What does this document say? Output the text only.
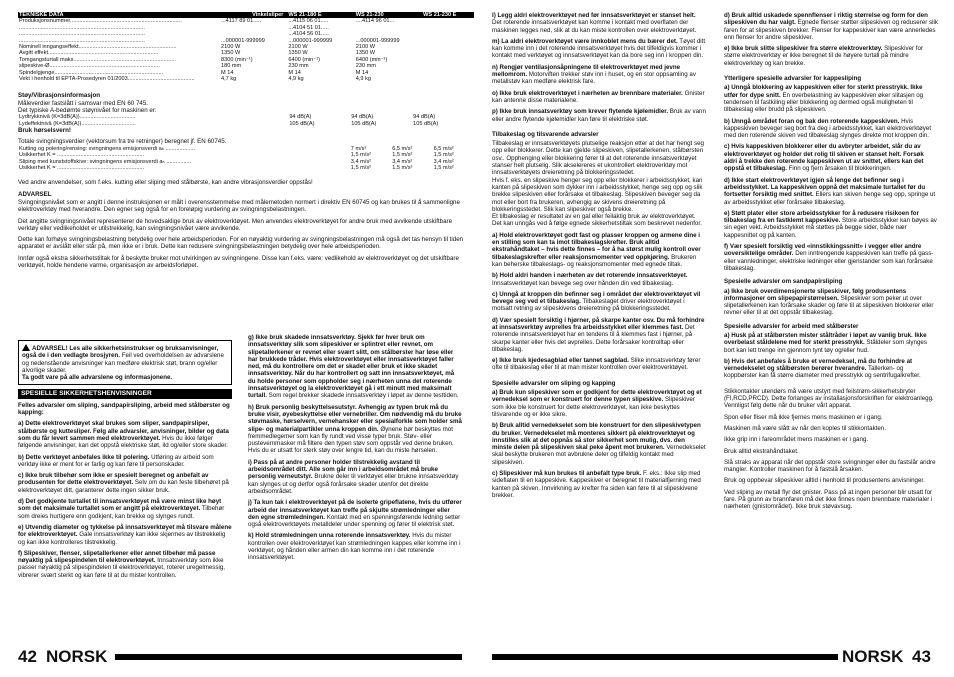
TEKNISKE DATA	Vinkelsliper	WS 21-180 E	WS 21-230	WS 21-230 E
Produksjonsnummer........................................................................	...4117 89 01.....	...4115 06 01.....	....4114 96 01...	
.................................................................................		...4104 51 01.....		
.................................................................................		...4104 56 01.....		
.................................................................................	...000001-999999	...000001-999999	...000001-999999	
Nominell inngangseffekt...............................................................	2100 W	2100 W	2100 W	
Avgitt effekt.......................................................................	1350 W	1350 W	1350 W	
Tomgangsturtall maks..................................................................	8300 (min⁻¹)	6400 (min⁻¹)	6400 (min⁻¹)	
slipeskive-Ø.......................................................................	180 mm	230 mm	230 mm	
Spindelgjenge......................................................................	M 14	M 14	M 14	
Vekt i henhold til EPTA-Prosedyren 01/2003...........................................	4,7 kg	4,9 kg	4,9 kg	

Støy/Vibrasjonsinformasjon

Måleverdier fastslått i samsvar med EN 60 745.

Det typiske A-bedømte støynivået for maskinen er:

Lydtrykknivå (K=3dB(A))....................................	94 dB(A)	94 dB(A)	94 dB(A)
Lydeffektnivå (K=3dB(A))...................................	105 dB(A)	105 dB(A)	105 dB(A)

Bruk hørselsvern!

Totale svingningsverdier (vektorsum fra tre retninger) beregnet jf. EN 60745.

Kutting og polering/rensing: svingningens emisjonsverdi aₕ ...................	7 m/s²	6,5 m/s²	6,5 m/s²
Usikkerhet K = ........................................................	1,5 m/s²	1,5 m/s²	1,5 m/s²
Sliping med kunststoffskive: svingningens emisjonsverdi aₕ ................	3,4 m/s²	3,4 m/s²	3,4 m/s²
Usikkerhet K = ........................................................	1,5 m/s²	1,5 m/s²	1,5 m/s²

Ved andre anvendelser, som f.eks. kutting eller sliping med stålbørste, kan andre vibrasjonsverdier oppstås!

ADVARSEL

Svingningsnivået som er angitt i denne instruksjonen er målt i overensstemmelse med målemetoden normert i direktiv EN 60745 og kan brukes til å sammenligne elektroverktøy med hverandre. Den egner seg også for en foreløpig vurdering av svingningsbelastningen.

Det angitte svingningsnivået representerer de hovedsaklige bruk av elektroverktøyet. Men anvendes elektroverktøyet for andre bruk med avvikende utskiftbare verktøy eller vedlikeholdet er utilstrekkelig, kan svingningsnivået være avvikende.

Dette kan forhøye svingningsbelastning betydelig over hele arbeidsperioden. For en nøyaktig vurdering av svingningsbelastningen må også det tas hensyn til tiden apparatet er avslått eller står på, men ikke er i bruk. Dette kan redusere svingningsbelastningen betydelig over hele arbeidsperioden.

Innfør også ekstra sikkerhetstiltak for å beskytte bruker mot utvirkingen av svingningene. Disse kan f.eks. være: vedlikehold av elektroverktøyet og det utskiftbare verktøyet, holde hendene varme, organisasjon av arbeidsforløpet.

ADVARSEL! Les alle sikkerhetsinstrukser og bruksanvisninger, også de i den vedlagte brosjyren. Feil ved overholdelsen av advarslene og nedenstående anvisninger kan medføre elektrisk støt, brann og/eller alvorlige skader.
Ta godt vare på alle advarslene og informasjonene.
SPESIELLE SIKKERHETSHENVISNINGER

Felles advarsler om sliping, sandpapirsliping, arbeid med stålbørster og kapping:

a) Dette elektroverktøyet skal brukes som sliper, sandpapirsliper, stålbørste og kuttesliper. Følg alle advarsler, anvisninger, bilder og data som du får levert sammen med elektroverktøyet. Hvis du ikke følger følgende anvisninger, kan det oppstå elektriske støt, ild og/eller store skader.

b) Dette verktøyet anbefales ikke til polering. Utføring av arbeid som verktøy ikke er ment for er farlig og kan føre til personskader.

c) Ikke bruk tilbehør som ikke er spesielt beregnet og anbefalt av produsenten for dette elektroverktøyet. Selv om du kan feste tilbehøret på elektroverktøyet ditt, garanterer dette ingen sikker bruk.

d) Det godkjente turtallet til innsatsverktøyet må være minst like høyt som det maksimale turtallet som er angitt på elektroverktøyet. Tilbehør som dreies hurtigere enn godkjent, kan brekke og slynges rundt.

e) Utvendig diameter og tykkelse på innsatsverktøyet må tilsvare målene for elektroverktøyet. Gale innsatsverktøy kan ikke skjermes av tilstrekkelig og kan ikke kontrolleres tilstrekkelig.

f) Slipeskiver, flenser, slipetallerkener eller annet tilbehør må passe nøyaktig på slipespindelen til elektroverktøyet. Innsatsverktøy som ikke passer nøyaktig på slipespindelen til elektroverktøyet, roterer uregelmessig, vibrerer svært sterkt og kan føre til at du mister kontrollen.

g) Ikke bruk skadede innsatsverktøy. Sjekk før hver bruk om innsatsverktøy slik som slipeskiver er splintret eller revnet, om slipetallerkener er revnet eller svært slitt, om stålbørster har løse eller har brukkede tråder. Hvis elektroverktøyet eller innsatsverktøyet faller ned, må du kontrollere om det er skadet eller bruk et ikke skadet innsatsverktøy. Når du har kontrollert og satt inn innsatsverktøyet, må du holde personer som oppholder seg i nærheten unna det roterende innsatsverktøyet og la elektroverktøyet gå i ett minutt med maksimalt turtall. Som regel brekker skadede innsatsverktøy i løpet av denne testtiden.

h) Bruk personlig beskyttelsesutstyr. Avhengig av typen bruk må du bruke visir, øyebeskyttelse eller vernebriller. Om nødvendig må du bruke støvmaske, hørselvern, vernehansker eller spesialforkle som holder små slipe- og materialpartikler unna kroppen din. Øynene bør beskyttes mot fremmedlegemer som kan fly rundt ved visse typer bruk. Støv- eller pustevernmasker må filtere den typen støv som oppstår ved denne bruken. Hvis du er utsatt for sterk støy over lengre tid, kan du miste hørselen.

i) Pass på at andre personer holder tilstrekkelig avstand til arbeidsområdet ditt. Alle som går inn i arbeidsområdet må bruke personlig verneutstyr. Brukne deler til verktøyet eller brukne innsatsverktøy kan slynges ut og derfor også forårsake skader utenfor det direkte arbeidsområdet.

j) Ta kun tak i elektroverktøyet på de isolerte gripeflatene, hvis du utfører arbeid der innsatsverktøyet kan treffe på skjulte strømledninger eller den egne strømledningen. Kontakt med en spenningsførende ledning setter også elektroverktøyets metalldeler under spenning og fører til elektrisk støt.

k) Hold strømledningen unna roterende innsatsverktøy. Hvis du mister kontrollen over elektroverktøyet kan strømledningen kappes eller komme inn i verktøyet, og hånden eller armen din kan komme inn i det roterende innsatsverktøyet.

l) Legg aldri elektroverktøyet ned før innsatsverktøyet er stanset helt. Det roterende innsatsverktøyet kan komme i kontakt med overflaten der maskinen legges ned, slik at du kan miste kontrollen over elektroverktøyet.

m) La aldri elektroverktøyet være innkoblet mens du bærer det. Tøyet ditt kan komme inn i det roterende innsatsverktøyet hvis det tilfeldigvis kommer i kontakt med verktøyet og innsatsverktøyet kan da bore seg inn i kroppen din.

n) Rengjør ventilasjonsåpningene til elektroverktøyet med jevne mellomrom. Motorviften trekker støv inn i huset, og en stor oppsamling av metallstøv kan medføre elektrisk fare.

o) Ikke bruk elektroverktøyet i nærheten av brennbare materialer. Gnister kan antenne disse materialene.

p) Ikke bruk innsatsverktøy som krever flytende kjølemidler. Bruk av vann eller andre flytende kjølemidler kan føre til elektriske støt.

Tilbakeslag og tilsvarende advarsler

Tilbakeslag er innsatsverktøyets plutselige reaksjon etter at det har hengt seg opp eller blokkerer. Dette kan gjelde slipeskiven, slipetallerkenen, stålbørsten osv.. Opphenging eller blokkering fører til at det roterende innsatsverktøyet stanser helt plutselig. Slik akselereres et ukontrollert elektroverktøy mot innsatsverktøyets dreieretning på blokkeringsstedet.

Hvis f. eks. en slipeskive henger seg opp eller blokkerer i arbeidsstykket, kan kanten på slipeskiven som dykker inn i arbeidsstykket, henge seg opp og slik brekke slipeskiven eller forårsake et tilbakeslag. Slipeskiven beveger seg da mot eller bort fra brukeren, avhengig av skivens dreieretning på blokkeringsstedet. Slik kan slipeskiver også brekke.

Et tilbakeslag er resultatet av en gal eller feilaktig bruk av elektroverktøyet. Det kan unngås ved å følge egnede sikkerhetstiltak som beskrevet nedenfor.

a) Hold elektroverktøyet godt fast og plasser kroppen og armene dine i en stilling som kan ta imot tilbakeslagskrefter. Bruk alltid ekstrahåndtaket – hvis dette finnes – for å ha størst mulig kontroll over tilbakeslagskrefter eller reaksjonsmomenter ved oppkjøring. Brukeren kan beherske tilbakeslags- og reaksjonsmomenter med egnede tiltak.

b) Hold aldri handen i nærheten av det roterende innsatsverktøyet. Innsatsverktøyet kan bevege seg over hånden din ved tilbakeslag.

c) Unngå at kroppen din befinner seg i området der elektroverktøyet vil bevege seg ved et tilbakeslag. Tilbakeslaget driver elektroverktøyet i motsatt retning av slipeskivens dreieretning på blokkeringsstedet.

d) Vær spesielt forsiktig i hjørner, på skarpe kanter osv. Du må forhindre at innsatsverktøy avprelles fra arbeidsstykket eller klemmes fast. Det roterende innsatsverktøyet har en tendens til å klemmes fast i hjørner, på skarpe kanter eller hvis det avprelles. Dette forårsaker kontrolltap eller tilbakeslag.

e) Ikke bruk kjedesagblad eller tannet sagblad. Slike innsatsverktøy fører ofte til tilbakeslag eller til at man mister kontrollen over elektroverktøyet.

Spesielle advarsler om sliping og kapping

a) Bruk kun slipeskiver som er godkjent for dette elektroverktøyet og et vernedeksel som er konstruert for denne typen slipeskive. Slipeskiver som ikke ble konstruert for dette elektroverktøyet, kan ikke beskyttes tilsvarende og er ikke sikre.

b) Bruk alltid vernedekselet som ble konstruert for den slipeskivetypen du bruker. Vernedekselet må monteres sikkert på elektroverktøyet og innstilles slik at det oppnås så stor sikkerhet som mulig, dvs. den minste delen på slipeskiven skal peke åpent mot brukeren. Vernedekselet skal beskytte brukeren mot avbrukne deler og tilfeldig kontakt med slipeskiven.

c) Slipeskiver må kun brukes til anbefalt type bruk. F. eks.: Ikke slip med sideflaten til en kappeskive. Kappeskiver er beregnet til materialfjerning med kanten på skiven. Innvirkning av krefter fra siden kan føre til at slipeskivene brekker.

d) Bruk alltid uskadede spennflenser i riktig størrelse og form for den slipeskiven du har valgt. Egnede flenser støtter slipeskiven og reduserer slik faren for at slipeskiven brekker. Flenser for kappeskiver kan være annerledes enn flenser for andre slipeskiver.

e) Ikke bruk slitte slipeskiver fra større elektroverktøy. Slipeskiver for større elektroverktøy er ikke beregnet til de høyere turtall på mindre elektroverktøy og kan brekke.

Ytterligere spesielle advarsler for kappesliping

a) Unngå blokkering av kappeskiven eller for sterkt presstrykk. Ikke utfør for dype snitt. En overbelastning av kappeskiven øker slitasjen og tendensen til fastkiling eller blokkering og dermed også muligheten til tilbakeslag eller brudd på slipeskiven.

b) Unngå området foran og bak den roterende kappeskiven. Hvis kappeskiven beveger seg bort fra deg i arbeidsstykket, kan elektroverktøyet med den roterende skiven ved tilbakeslag slynges direkte mot kroppen din.

c) Hvis kappeskiven blokkerer eller du avbryter arbeidet, slår du av elektroverktøyet og holder det rolig til skiven er stanset helt. Forsøk aldri å trekke den roterende kappeskiven ut av snittet, ellers kan det oppstå et tilbakeslag. Finn og fjern årsaken til blokkeringen.

d) Ikke start elektroverktøyet igjen så lenge det befinner seg i arbeidsstykket. La kappeskiven oppnå det maksimale turtallet før du fortsetter forsiktig med snittet. Ellers kan skiven henge seg opp, springe ut av arbeidsstykket eller forårsake tilbakeslag.

e) Støtt plater eller store arbeidsstykker for å redusere risikoen for tilbakeslag fra en fastklemt kappeskive. Store arbeidsstykker kan bøyes av sin egen vekt. Arbeidsstykket må støttes på begge sider, både nær kappesnittet og på kanten.

f) Vær spesielt forsiktig ved «innstikkingssnitt» i vegger eller andre uoversiktelige områder. Den inntrengende kappeskiven kan treffe på gass- eller vannledninger, elektriske ledninger eller gjenstander som kan forårsake tilbakeslag.

Spesielle advarsler om sandpapirsliping

a) Ikke bruk overdimensjonerte slipeskiver, følg produsentens informasjoner om slipepapirstørrelsen. Slipeskiver som peker ut over slipetallerkenen kan forårsake skader og føre til at slipeskiven blokkerer eller revner eller til at det oppstår tilbakeslag.

Spesielle advarsler for arbeid med stålbørster

a) Husk på at stålbørsten mister ståltråder i løpet av vanlig bruk. Ikke overbelast ståldelene med for sterkt presstrykk. Ståldeler som slynges bort kan lett trenge inn gjennom tynt tøy og/eller hud.

b) Hvis det anbefales å bruke et vernedeksel, må du forhindre at vernedekselet og stålbørsten berører hverandre. Tallerken- og koppbørster kan få større diameter med presstrykk og sentrifugalkrefter.

Stikkontakter utendørs må være utstyrt med feilstrøm-sikkerhetsbryter (FI,RCD,PRCD). Dette forlanges av installasjonsforskriften for elektroanlegg. Vennligst følg dette når du bruker vårt apparat.

Spon eller fliser må ikke fjernes mens maskinen er i gang.

Maskinen må være slått av når den koples til stikkontakten.

Ikke grip inn i fareområdet mens maskinen er i gang.

Bruk alltid ekstrahåndtaket.

Slå straks av apparat når det oppstår store svingninger eller du fastslår andre mangler. Kontroller maskinen for å fastslå årsaken.

Bruk og oppbevar slipeskiver alltid i henhold til produsentens anvisninger.

Ved sliping av metall flyr det gnister. Pass på at ingen personer blir utsatt for fare. På grunn av brannfaren må det ikke finnes noen brennbare materialer i nærheten (gnistområdet). Ikke bruk støvavsug.

42 NORSK	NORSK 43
